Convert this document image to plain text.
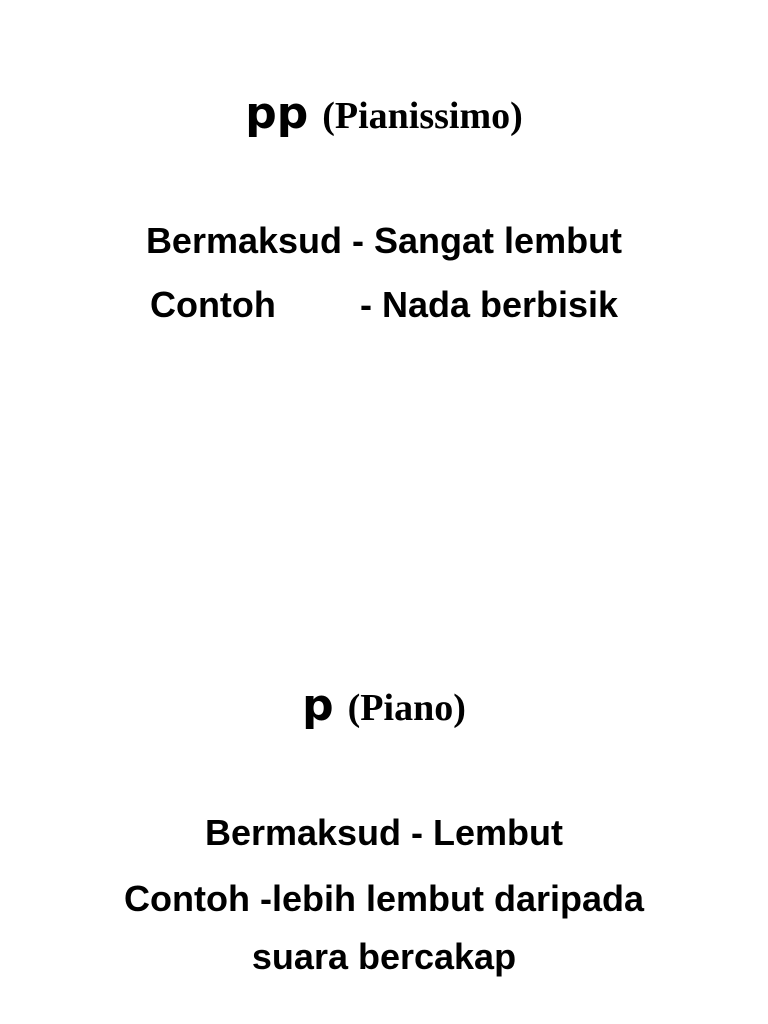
pp (Pianissimo)
Bermaksud - Sangat lembut
Contoh - Nada berbisik
p (Piano)
Bermaksud - Lembut
Contoh -lebih lembut daripada
suara bercakap
